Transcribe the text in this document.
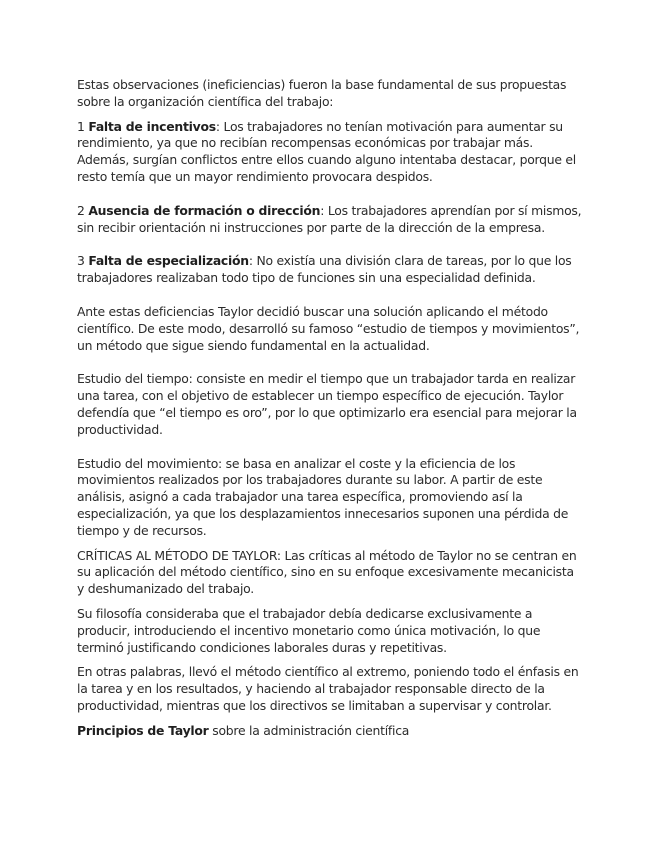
Estas observaciones (ineficiencias) fueron la base fundamental de sus propuestas sobre la organización científica del trabajo:

1 Falta de incentivos: Los trabajadores no tenían motivación para aumentar su rendimiento, ya que no recibían recompensas económicas por trabajar más. Además, surgían conflictos entre ellos cuando alguno intentaba destacar, porque el resto temía que un mayor rendimiento provocara despidos.

2 Ausencia de formación o dirección: Los trabajadores aprendían por sí mismos, sin recibir orientación ni instrucciones por parte de la dirección de la empresa.

3 Falta de especialización: No existía una división clara de tareas, por lo que los trabajadores realizaban todo tipo de funciones sin una especialidad definida.

Ante estas deficiencias Taylor decidió buscar una solución aplicando el método científico. De este modo, desarrolló su famoso “estudio de tiempos y movimientos”, un método que sigue siendo fundamental en la actualidad.

Estudio del tiempo: consiste en medir el tiempo que un trabajador tarda en realizar una tarea, con el objetivo de establecer un tiempo específico de ejecución. Taylor defendía que “el tiempo es oro”, por lo que optimizarlo era esencial para mejorar la productividad.

Estudio del movimiento: se basa en analizar el coste y la eficiencia de los movimientos realizados por los trabajadores durante su labor. A partir de este análisis, asignó a cada trabajador una tarea específica, promoviendo así la especialización, ya que los desplazamientos innecesarios suponen una pérdida de tiempo y de recursos.

CRÍTICAS AL MÉTODO DE TAYLOR: Las críticas al método de Taylor no se centran en su aplicación del método científico, sino en su enfoque excesivamente mecanicista y deshumanizado del trabajo.

Su filosofía consideraba que el trabajador debía dedicarse exclusivamente a producir, introduciendo el incentivo monetario como única motivación, lo que terminó justificando condiciones laborales duras y repetitivas.

En otras palabras, llevó el método científico al extremo, poniendo todo el énfasis en la tarea y en los resultados, y haciendo al trabajador responsable directo de la productividad, mientras que los directivos se limitaban a supervisar y controlar.

Principios de Taylor sobre la administración científica
